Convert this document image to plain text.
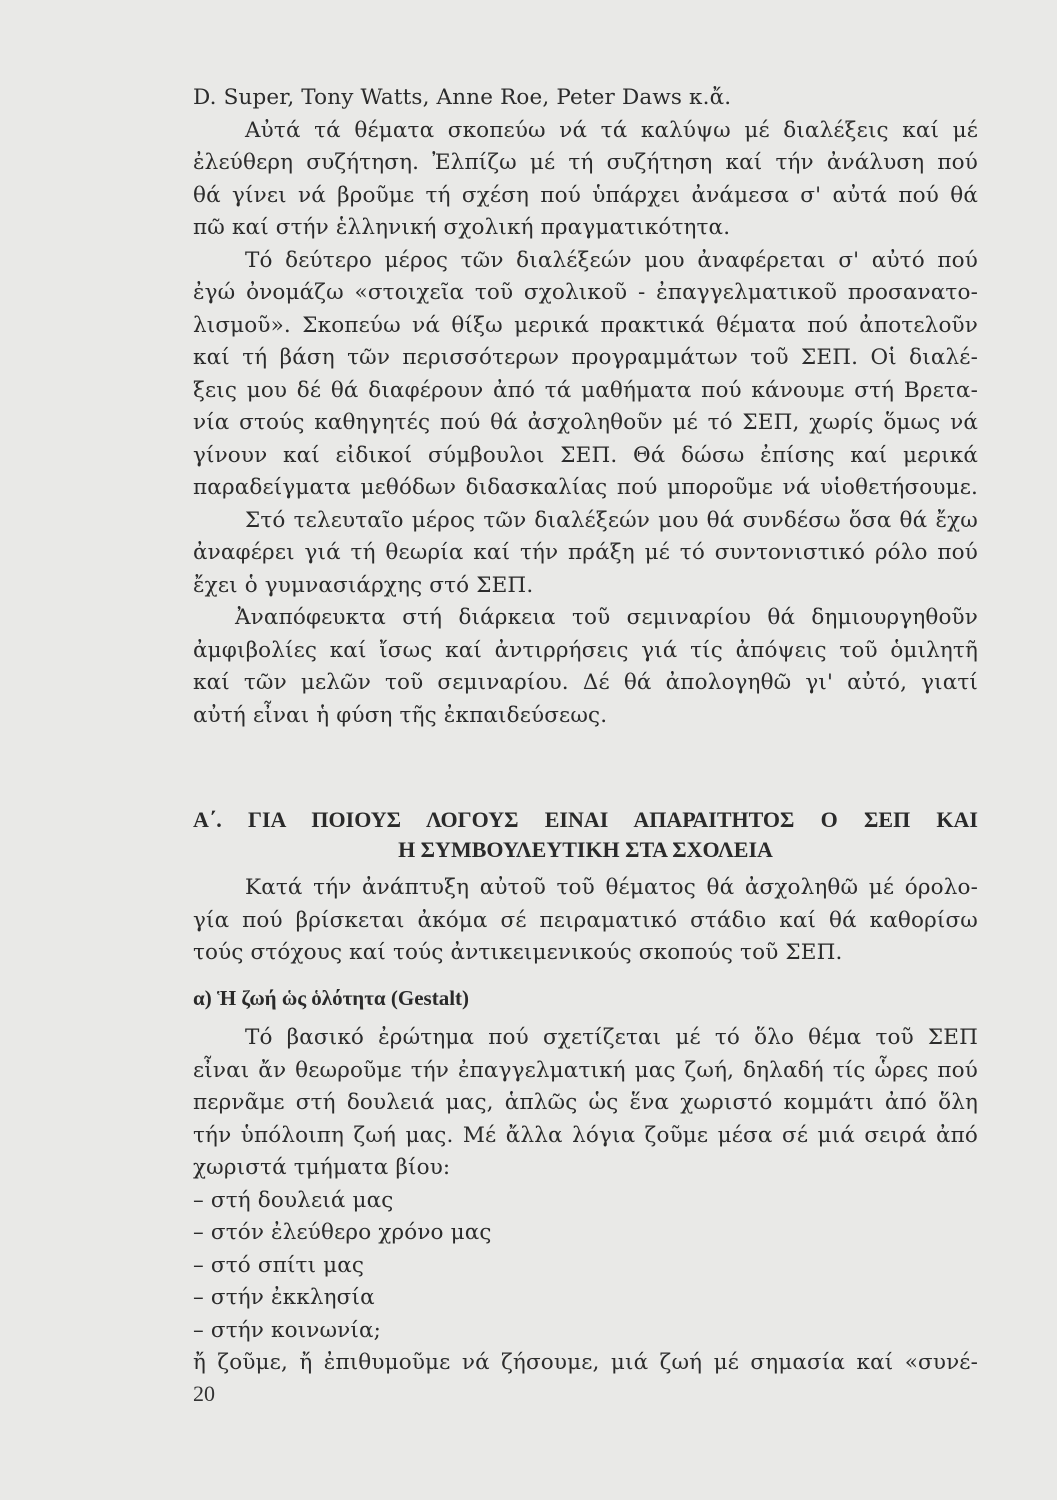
D. Super, Tony Watts, Anne Roe, Peter Daws κ.ἄ.
Αὐτά τά θέματα σκοπεύω νά τά καλύψω μέ διαλέξεις καί μέ
ἐλεύθερη συζήτηση. Ἐλπίζω μέ τή συζήτηση καί τήν ἀνάλυση πού
θά γίνει νά βροῦμε τή σχέση πού ὑπάρχει ἀνάμεσα σ' αὐτά πού θά
πῶ καί στήν ἑλληνική σχολική πραγματικότητα.
Τό δεύτερο μέρος τῶν διαλέξεών μου ἀναφέρεται σ' αὐτό πού
ἐγώ ὀνομάζω «στοιχεῖα τοῦ σχολικοῦ - ἐπαγγελματικοῦ προσανατο-
λισμοῦ». Σκοπεύω νά θίξω μερικά πρακτικά θέματα πού ἀποτελοῦν
καί τή βάση τῶν περισσότερων προγραμμάτων τοῦ ΣΕΠ. Οἱ διαλέ-
ξεις μου δέ θά διαφέρουν ἀπό τά μαθήματα πού κάνουμε στή Βρετα-
νία στούς καθηγητές πού θά ἀσχοληθοῦν μέ τό ΣΕΠ, χωρίς ὅμως νά
γίνουν καί εἰδικοί σύμβουλοι ΣΕΠ. Θά δώσω ἐπίσης καί μερικά
παραδείγματα μεθόδων διδασκαλίας πού μποροῦμε νά υἱοθετήσουμε.
Στό τελευταῖο μέρος τῶν διαλέξεών μου θά συνδέσω ὅσα θά ἔχω
ἀναφέρει γιά τή θεωρία καί τήν πράξη μέ τό συντονιστικό ρόλο πού
ἔχει ὁ γυμνασιάρχης στό ΣΕΠ.
Ἀναπόφευκτα στή διάρκεια τοῦ σεμιναρίου θά δημιουργηθοῦν
ἀμφιβολίες καί ἴσως καί ἀντιρρήσεις γιά τίς ἀπόψεις τοῦ ὁμιλητῆ
καί τῶν μελῶν τοῦ σεμιναρίου. Δέ θά ἀπολογηθῶ γι' αὐτό, γιατί
αὐτή εἶναι ἡ φύση τῆς ἐκπαιδεύσεως.
Α΄. ΓΙΑ ΠΟΙΟΥΣ ΛΟΓΟΥΣ ΕΙΝΑΙ ΑΠΑΡΑΙΤΗΤΟΣ Ο ΣΕΠ ΚΑΙ
Η ΣΥΜΒΟΥΛΕΥΤΙΚΗ ΣΤΑ ΣΧΟΛΕΙΑ
Κατά τήν ἀνάπτυξη αὐτοῦ τοῦ θέματος θά ἀσχοληθῶ μέ όρολο-
γία πού βρίσκεται ἀκόμα σέ πειραματικό στάδιο καί θά καθορίσω
τούς στόχους καί τούς ἀντικειμενικούς σκοπούς τοῦ ΣΕΠ.
α) Ἡ ζωή ὡς ὁλότητα (Gestalt)
Τό βασικό ἐρώτημα πού σχετίζεται μέ τό ὅλο θέμα τοῦ ΣΕΠ
εἶναι ἄν θεωροῦμε τήν ἐπαγγελματική μας ζωή, δηλαδή τίς ὧρες πού
περνᾶμε στή δουλειά μας, ἁπλῶς ὡς ἕνα χωριστό κομμάτι ἀπό ὅλη
τήν ὑπόλοιπη ζωή μας. Μέ ἄλλα λόγια ζοῦμε μέσα σέ μιά σειρά ἀπό
χωριστά τμήματα βίου:
– στή δουλειά μας
– στόν ἐλεύθερο χρόνο μας
– στό σπίτι μας
– στήν ἐκκλησία
– στήν κοινωνία;
ἤ ζοῦμε, ἤ ἐπιθυμοῦμε νά ζήσουμε, μιά ζωή μέ σημασία καί «συνέ-
20
